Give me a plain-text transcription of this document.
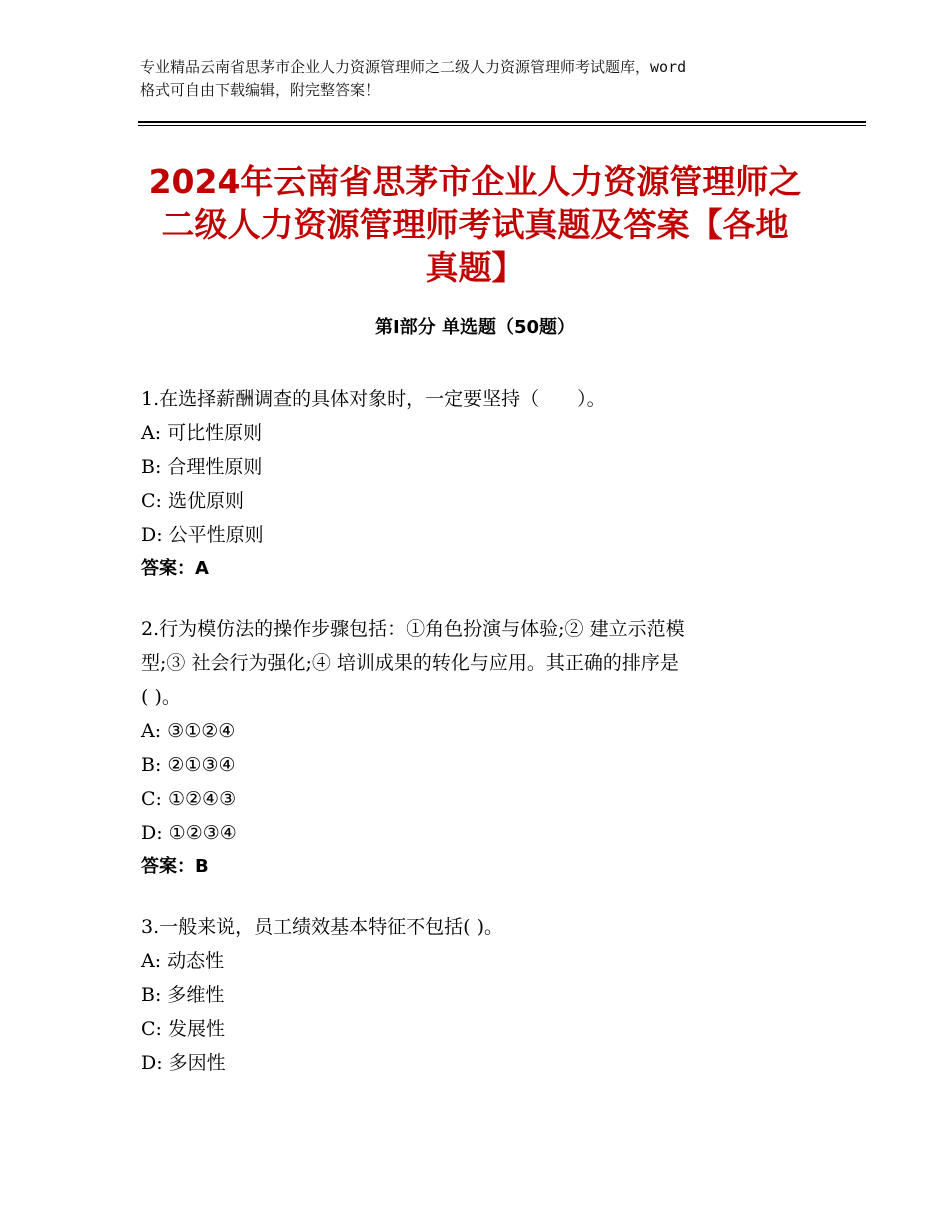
专业精品云南省思茅市企业人力资源管理师之二级人力资源管理师考试题库，word
格式可自由下载编辑，附完整答案！
2024年云南省思茅市企业人力资源管理师之
二级人力资源管理师考试真题及答案【各地
真题】
第Ⅰ部分 单选题（50题）
1.在选择薪酬调查的具体对象时，一定要坚持（　　）。
A: 可比性原则
B: 合理性原则
C: 选优原则
D: 公平性原则
答案：A
2.行为模仿法的操作步骤包括：①角色扮演与体验;② 建立示范模
型;③ 社会行为强化;④ 培训成果的转化与应用。其正确的排序是
( )。
A: ③①②④
B: ②①③④
C: ①②④③
D: ①②③④
答案：B
3.一般来说，员工绩效基本特征不包括( )。
A: 动态性
B: 多维性
C: 发展性
D: 多因性
